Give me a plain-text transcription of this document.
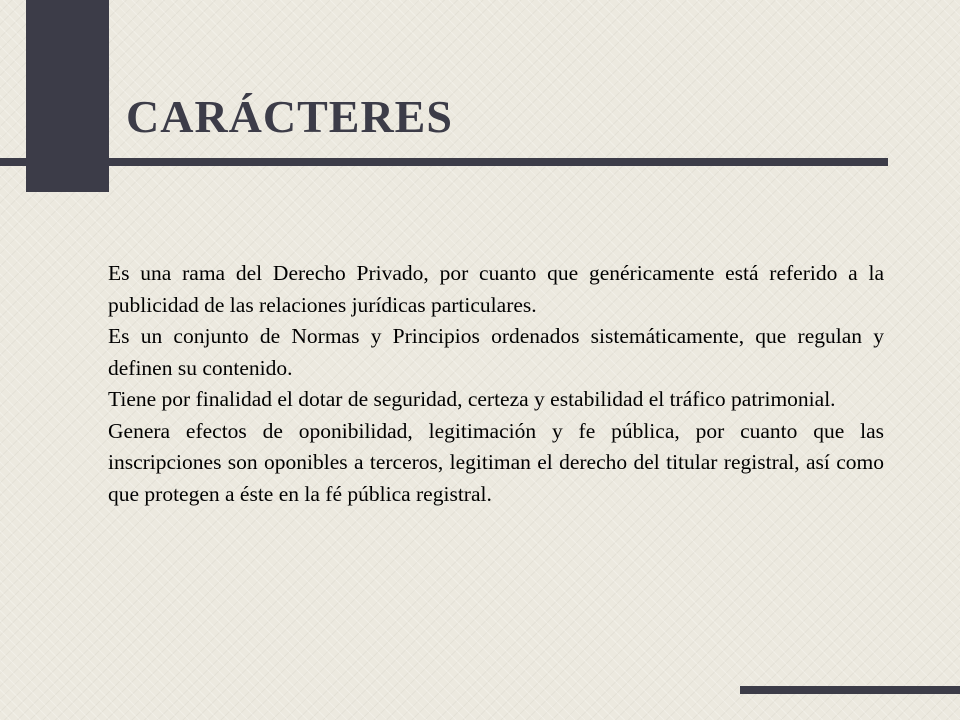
CARÁCTERES

Es una rama del Derecho Privado, por cuanto que genéricamente está referido a la publicidad de las relaciones jurídicas particulares.

Es un conjunto de Normas y Principios ordenados sistemáticamente, que regulan y definen su contenido.

Tiene por finalidad el dotar de seguridad, certeza y estabilidad el tráfico patrimonial.

Genera efectos de oponibilidad, legitimación y fe pública, por cuanto que las inscripciones son oponibles a terceros, legitiman el derecho del titular registral, así como que protegen a éste en la fé pública registral.
